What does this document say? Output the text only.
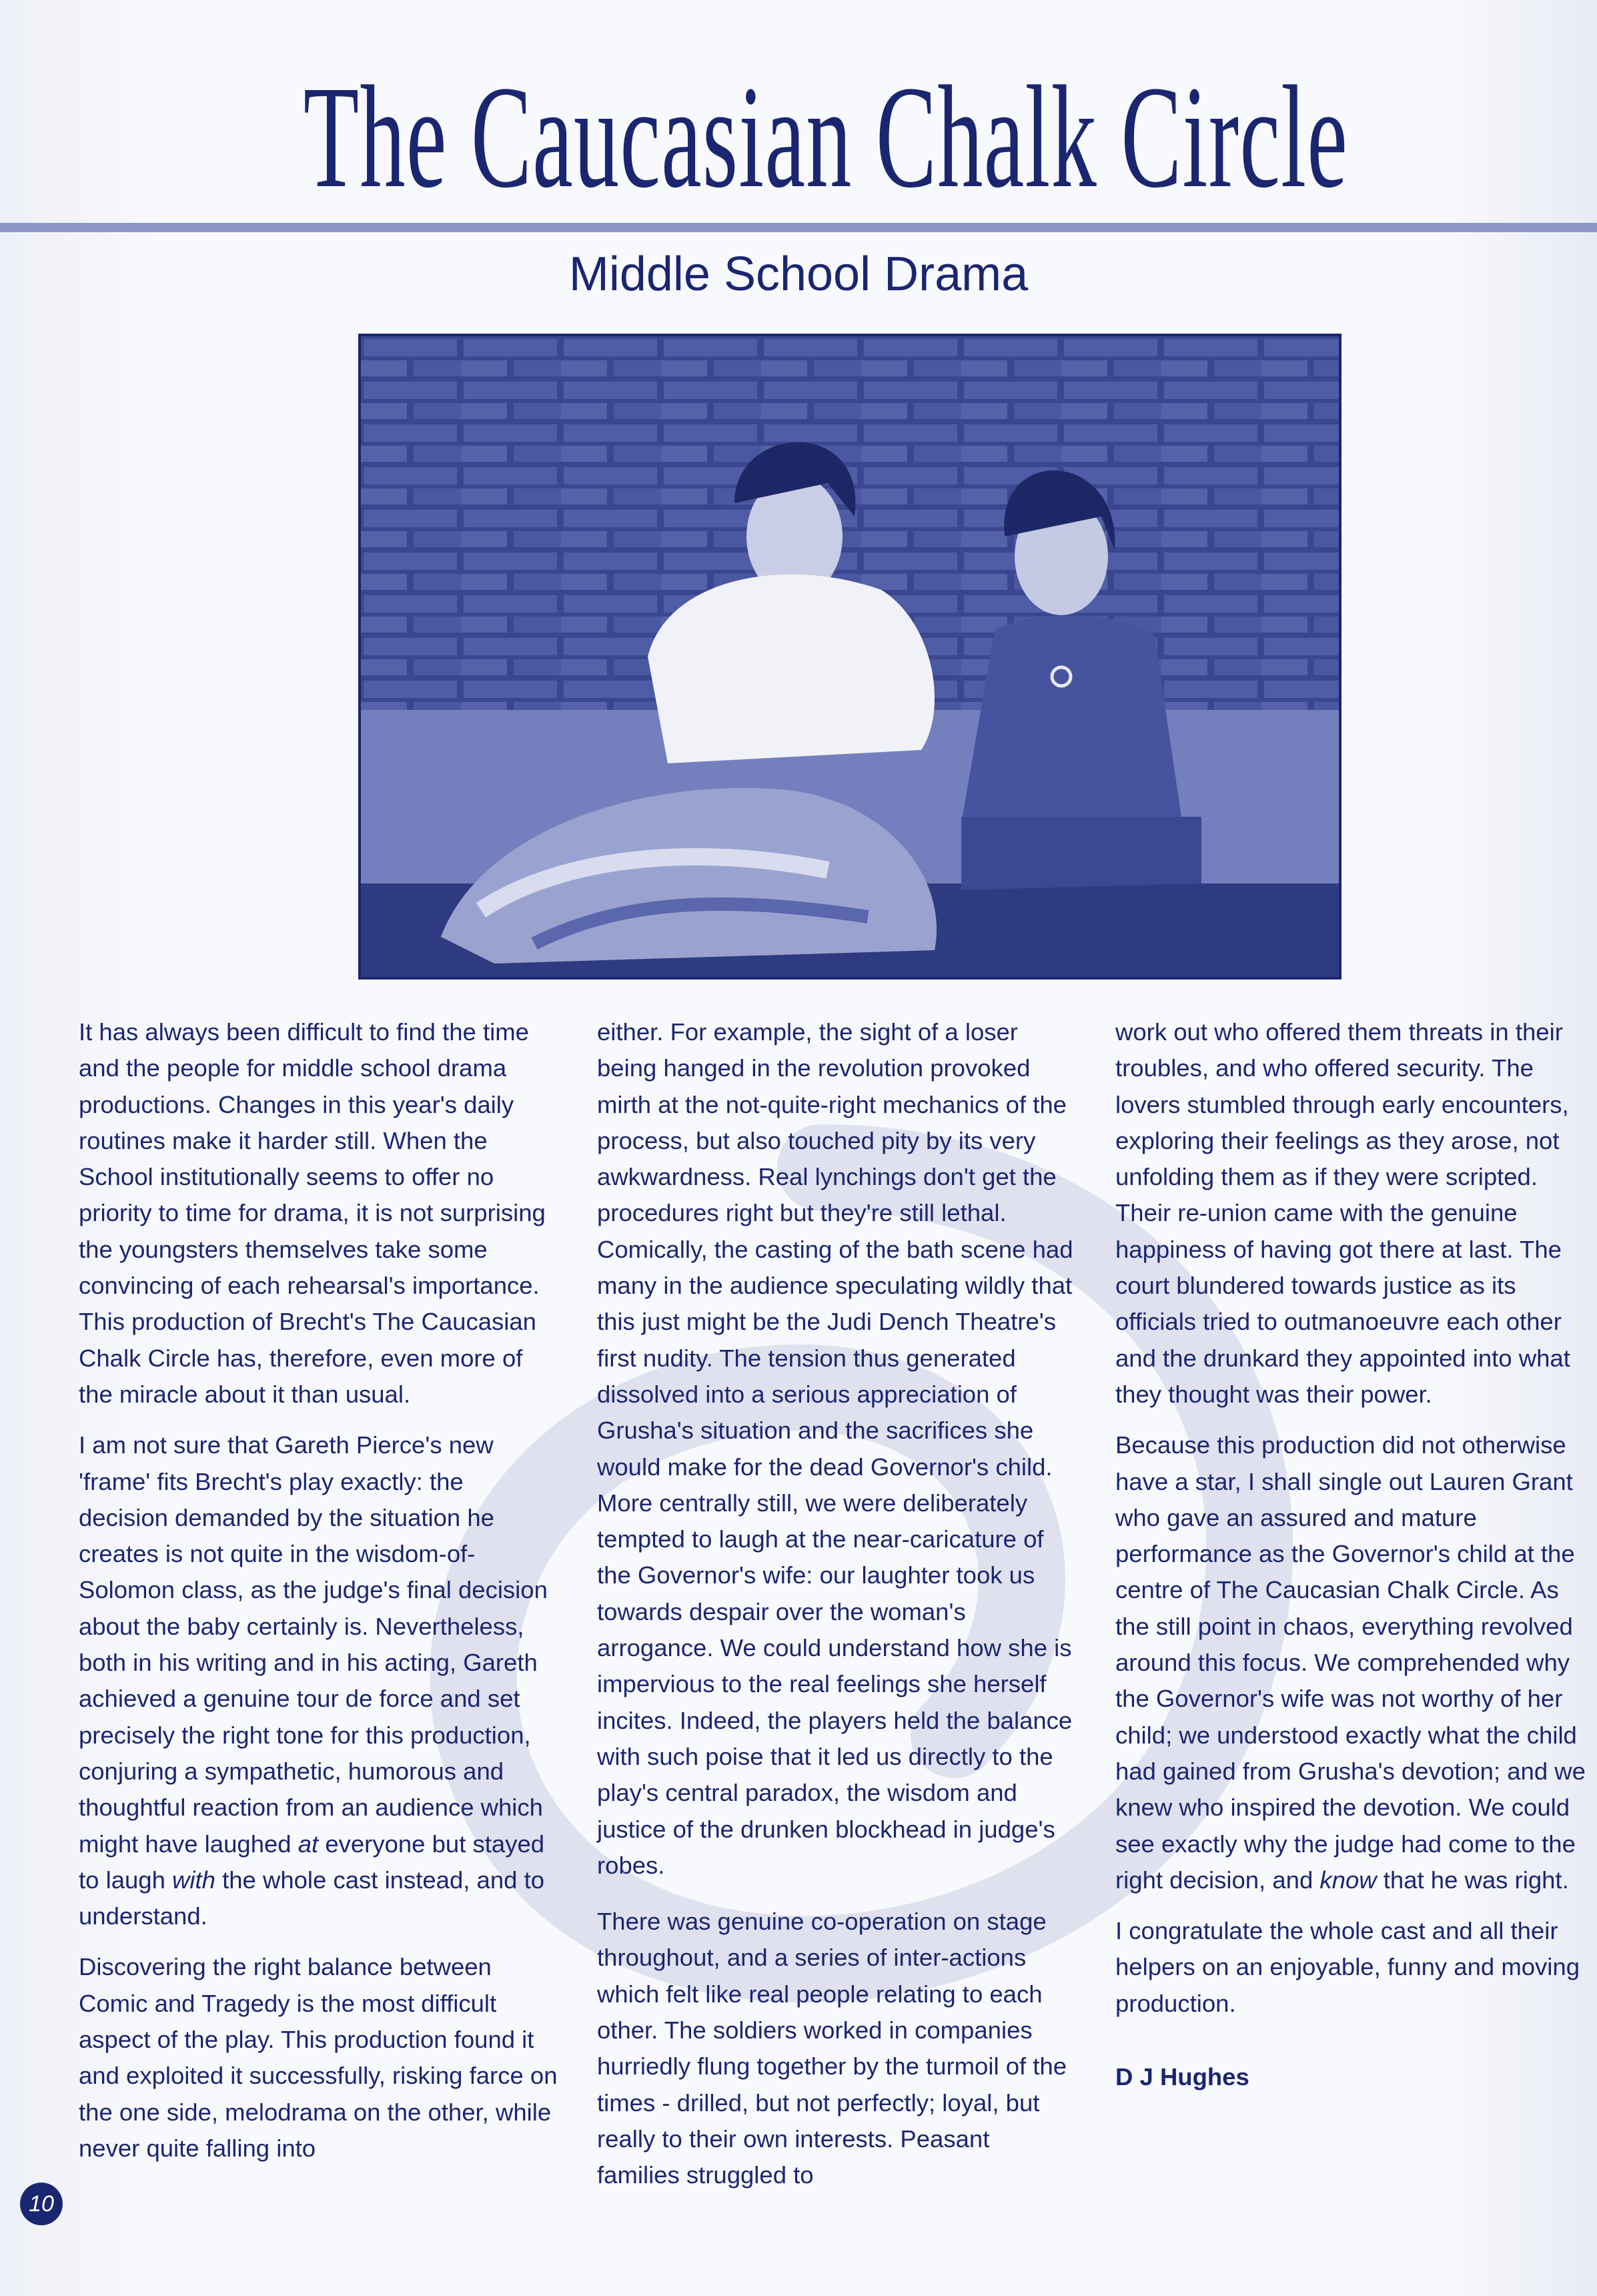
The Caucasian Chalk Circle
Middle School Drama

It has always been difficult to find the time and the people for middle school drama productions. Changes in this year's daily routines make it harder still. When the School institutionally seems to offer no priority to time for drama, it is not surprising the youngsters themselves take some convincing of each rehearsal's importance. This production of Brecht's The Caucasian Chalk Circle has, therefore, even more of the miracle about it than usual.

I am not sure that Gareth Pierce's new 'frame' fits Brecht's play exactly: the decision demanded by the situation he creates is not quite in the wisdom-of-Solomon class, as the judge's final decision about the baby certainly is. Nevertheless, both in his writing and in his acting, Gareth achieved a genuine tour de force and set precisely the right tone for this production, conjuring a sympathetic, humorous and thoughtful reaction from an audience which might have laughed at everyone but stayed to laugh with the whole cast instead, and to understand.

Discovering the right balance between Comic and Tragedy is the most difficult aspect of the play. This production found it and exploited it successfully, risking farce on the one side, melodrama on the other, while never quite falling into

either. For example, the sight of a loser being hanged in the revolution provoked mirth at the not-quite-right mechanics of the process, but also touched pity by its very awkwardness. Real lynchings don't get the procedures right but they're still lethal. Comically, the casting of the bath scene had many in the audience speculating wildly that this just might be the Judi Dench Theatre's first nudity. The tension thus generated dissolved into a serious appreciation of Grusha's situation and the sacrifices she would make for the dead Governor's child. More centrally still, we were deliberately tempted to laugh at the near-caricature of the Governor's wife: our laughter took us towards despair over the woman's arrogance. We could understand how she is impervious to the real feelings she herself incites. Indeed, the players held the balance with such poise that it led us directly to the play's central paradox, the wisdom and justice of the drunken blockhead in judge's robes.

There was genuine co-operation on stage throughout, and a series of inter-actions which felt like real people relating to each other. The soldiers worked in companies hurriedly flung together by the turmoil of the times - drilled, but not perfectly; loyal, but really to their own interests. Peasant families struggled to

work out who offered them threats in their troubles, and who offered security. The lovers stumbled through early encounters, exploring their feelings as they arose, not unfolding them as if they were scripted. Their re-union came with the genuine happiness of having got there at last. The court blundered towards justice as its officials tried to outmanoeuvre each other and the drunkard they appointed into what they thought was their power.

Because this production did not otherwise have a star, I shall single out Lauren Grant who gave an assured and mature performance as the Governor's child at the centre of The Caucasian Chalk Circle. As the still point in chaos, everything revolved around this focus. We comprehended why the Governor's wife was not worthy of her child; we understood exactly what the child had gained from Grusha's devotion; and we knew who inspired the devotion. We could see exactly why the judge had come to the right decision, and know that he was right.

I congratulate the whole cast and all their helpers on an enjoyable, funny and moving production.

D J Hughes

10
